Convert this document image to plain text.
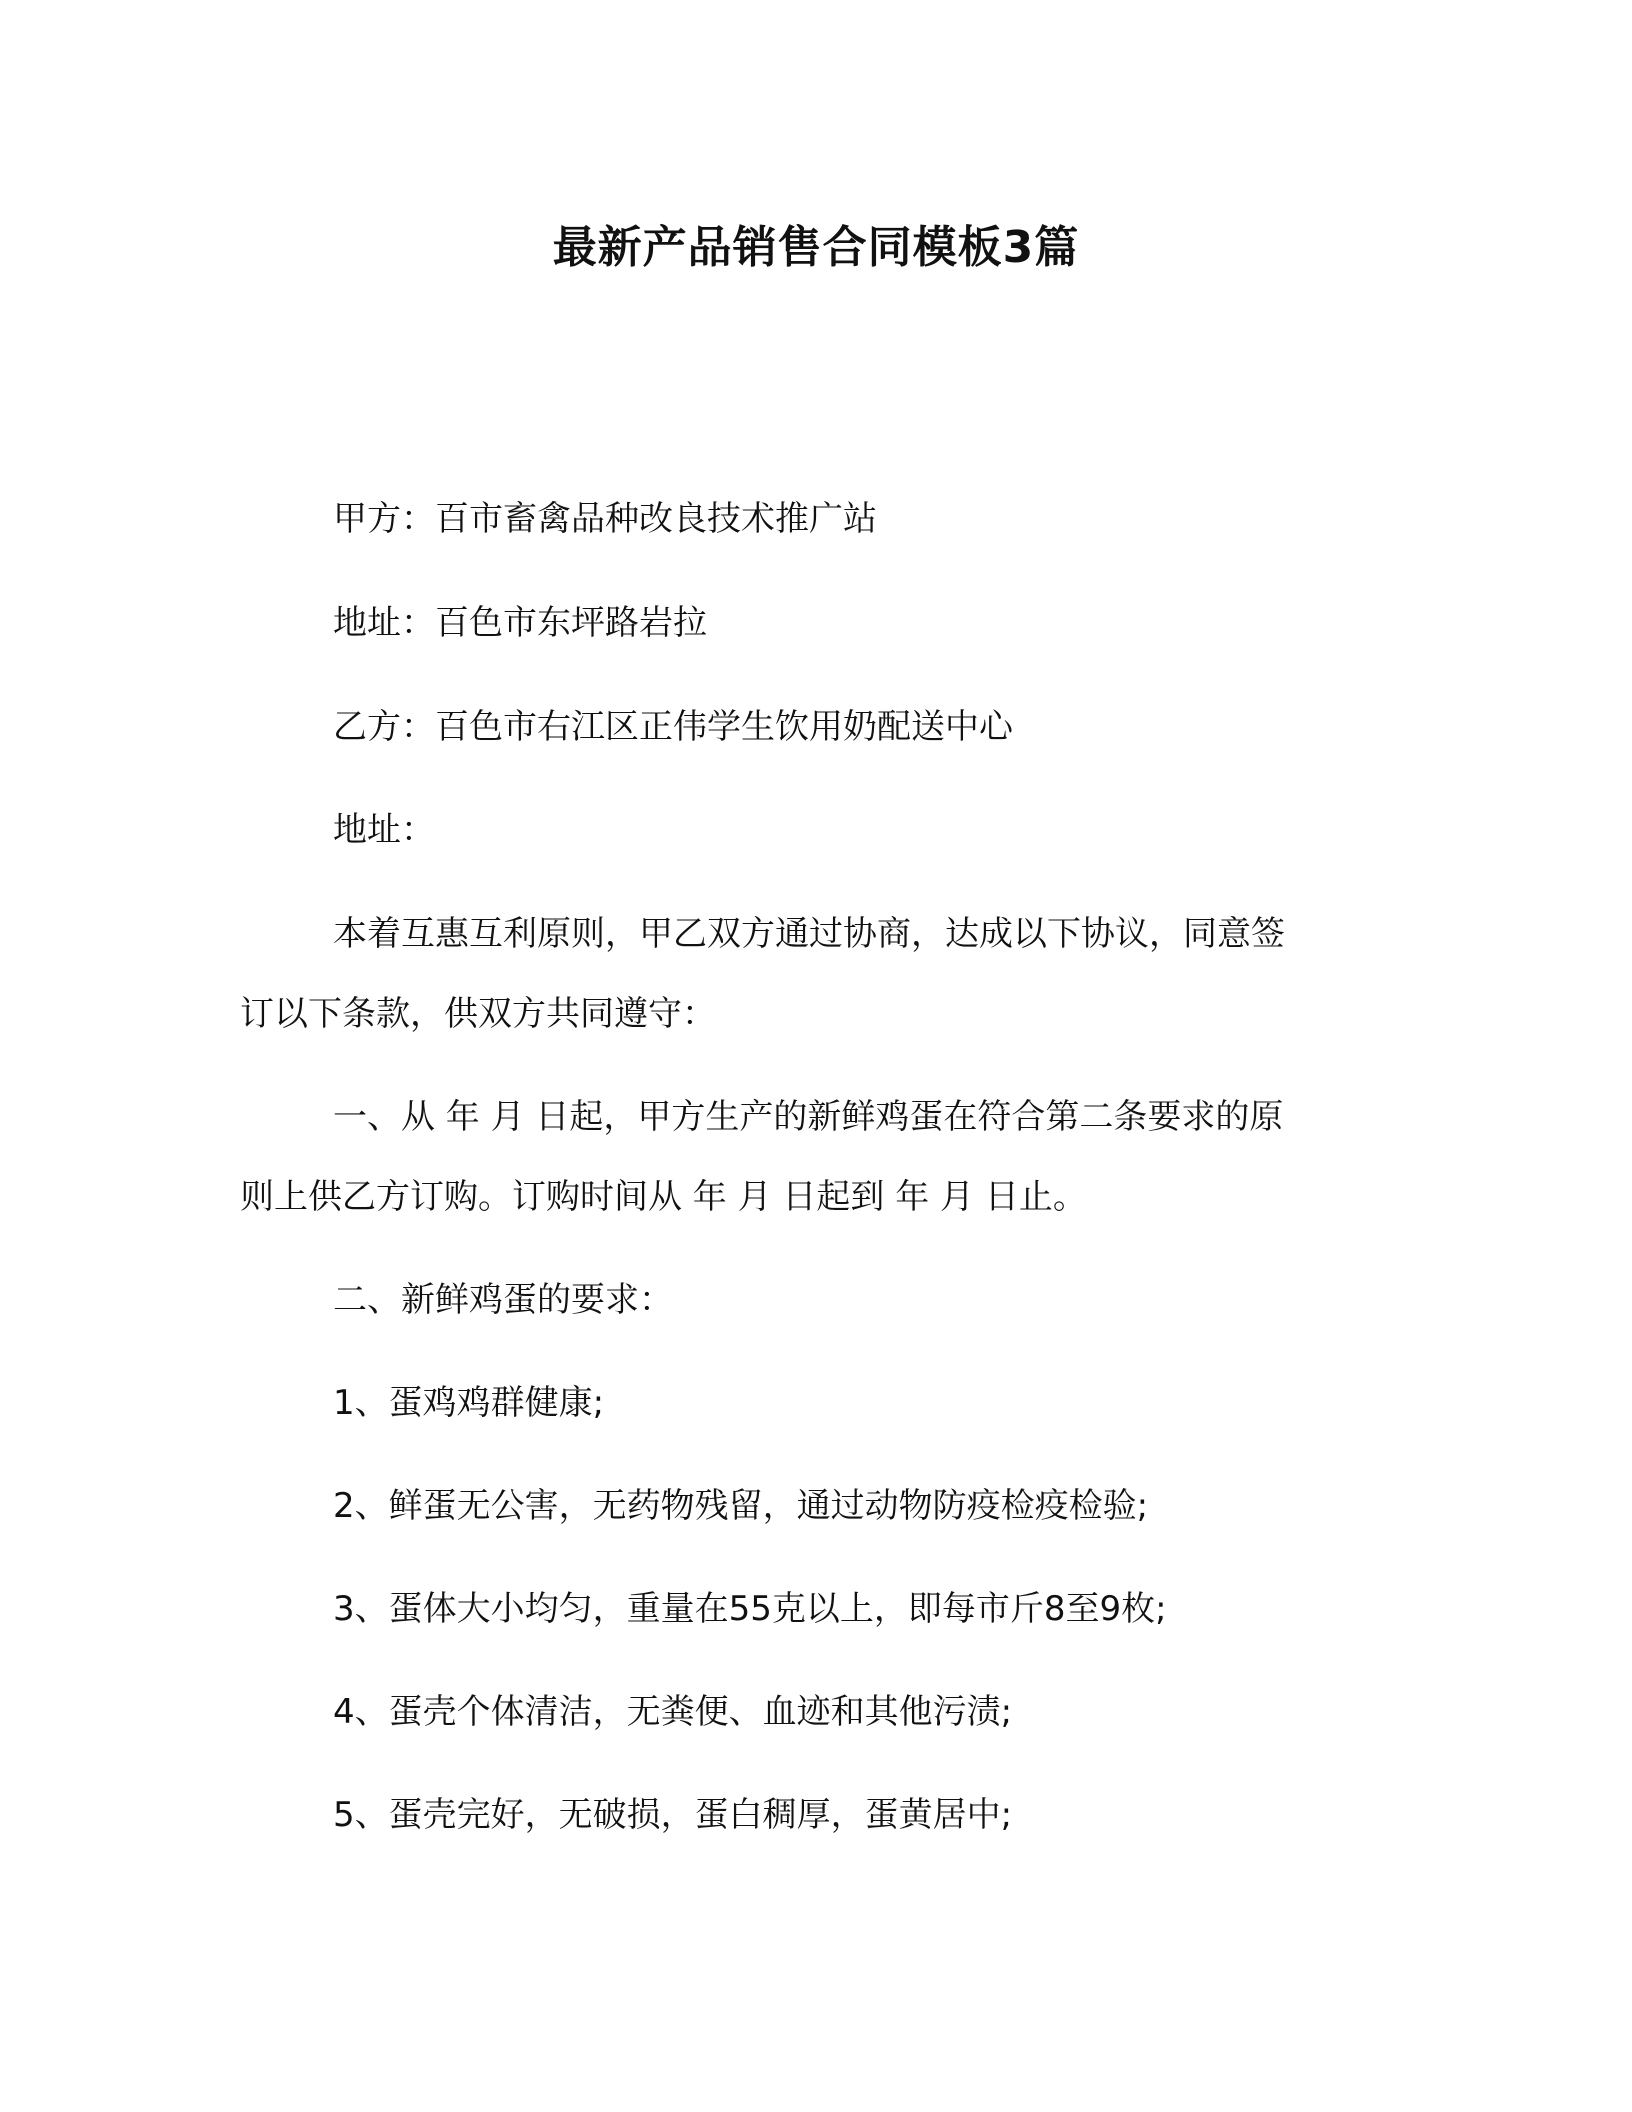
最新产品销售合同模板3篇

甲方：百市畜禽品种改良技术推广站

地址：百色市东坪路岩拉

乙方：百色市右江区正伟学生饮用奶配送中心

地址：

本着互惠互利原则，甲乙双方通过协商，达成以下协议，同意签

订以下条款，供双方共同遵守：

一、从 年 月 日起，甲方生产的新鲜鸡蛋在符合第二条要求的原

则上供乙方订购。订购时间从 年 月 日起到 年 月 日止。

二、新鲜鸡蛋的要求：

1、蛋鸡鸡群健康;

2、鲜蛋无公害，无药物残留，通过动物防疫检疫检验;

3、蛋体大小均匀，重量在55克以上，即每市斤8至9枚;

4、蛋壳个体清洁，无粪便、血迹和其他污渍;

5、蛋壳完好，无破损，蛋白稠厚，蛋黄居中;
